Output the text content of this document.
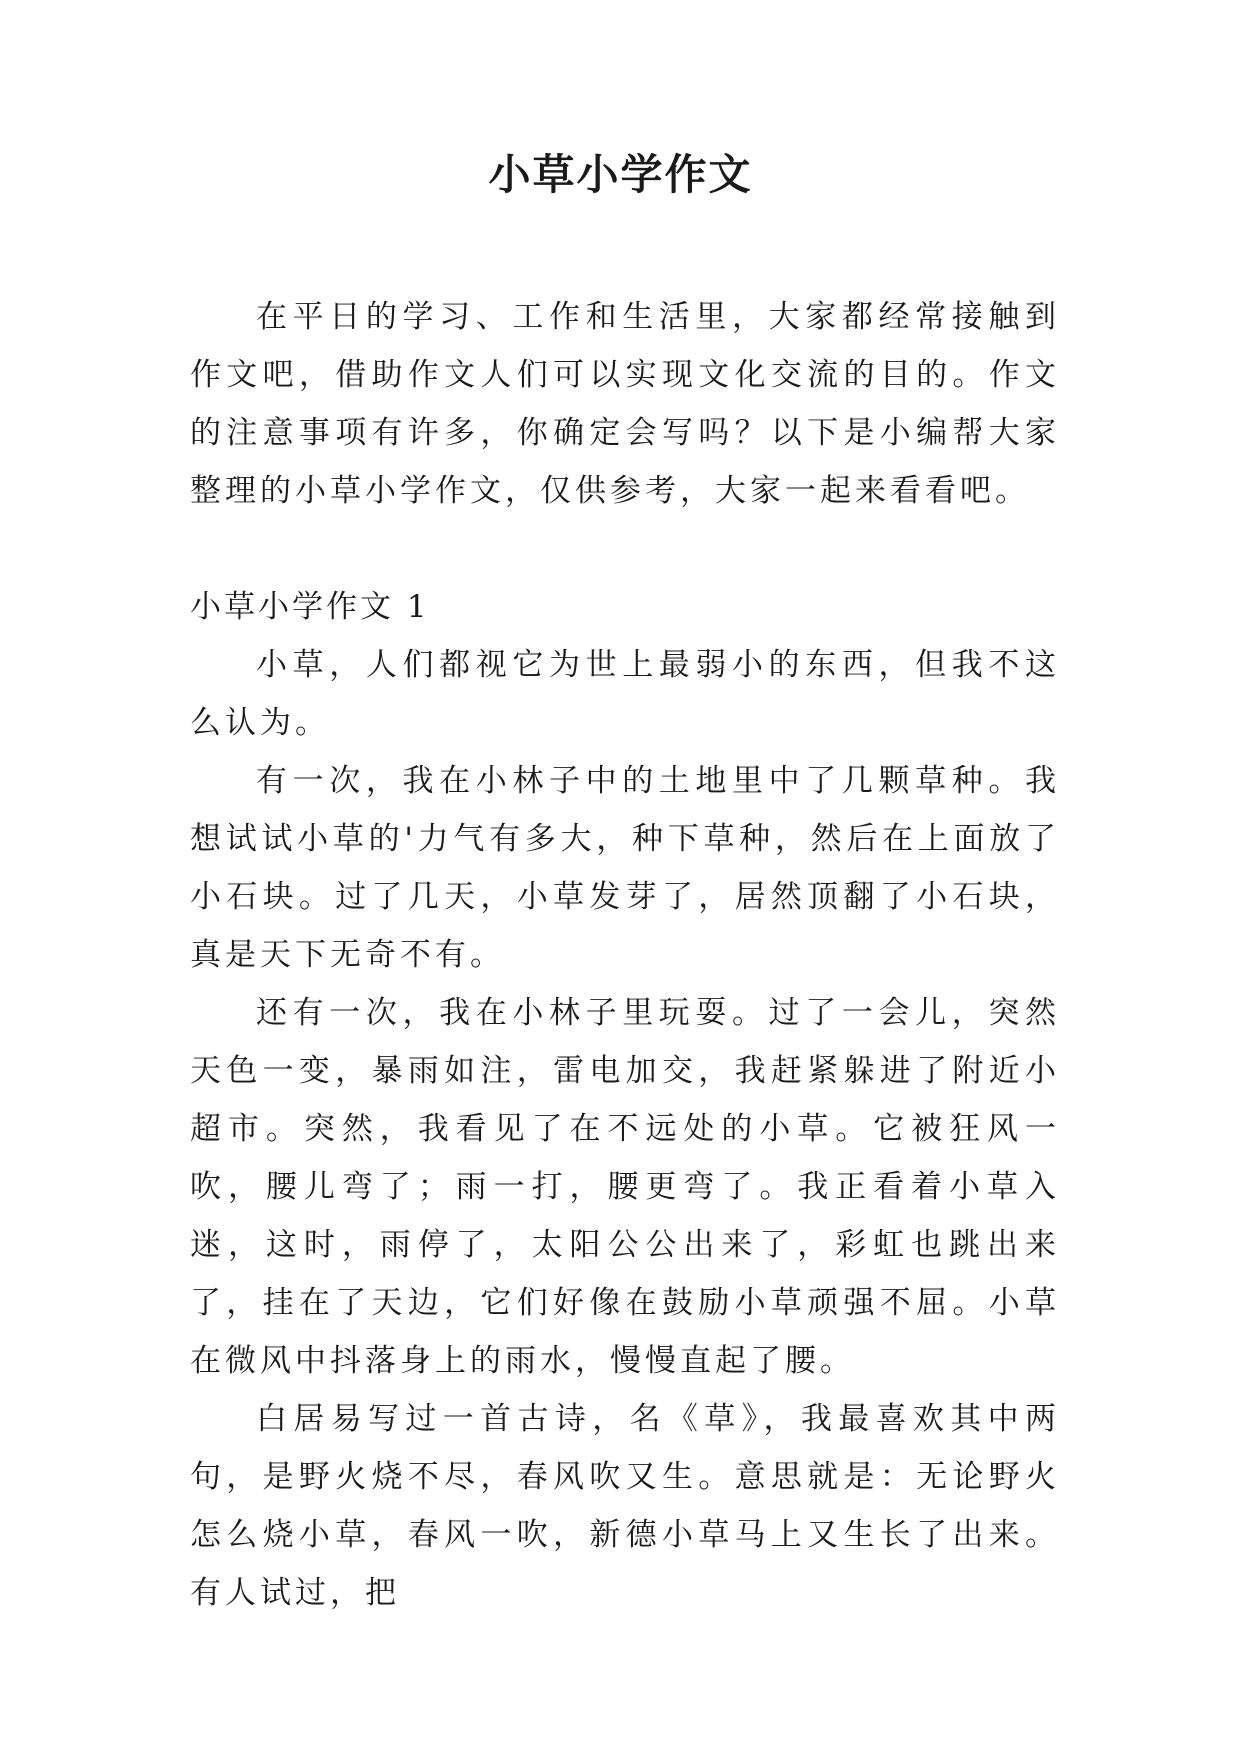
小草小学作文

在平日的学习、工作和生活里，大家都经常接触到作文吧，借助作文人们可以实现文化交流的目的。作文的注意事项有许多，你确定会写吗？以下是小编帮大家整理的小草小学作文，仅供参考，大家一起来看看吧。

小草小学作文 1

小草，人们都视它为世上最弱小的东西，但我不这么认为。

有一次，我在小林子中的土地里中了几颗草种。我想试试小草的'力气有多大，种下草种，然后在上面放了小石块。过了几天，小草发芽了，居然顶翻了小石块，真是天下无奇不有。

还有一次，我在小林子里玩耍。过了一会儿，突然天色一变，暴雨如注，雷电加交，我赶紧躲进了附近小超市。突然，我看见了在不远处的小草。它被狂风一吹，腰儿弯了；雨一打，腰更弯了。我正看着小草入迷，这时，雨停了，太阳公公出来了，彩虹也跳出来了，挂在了天边，它们好像在鼓励小草顽强不屈。小草在微风中抖落身上的雨水，慢慢直起了腰。

白居易写过一首古诗，名《草》，我最喜欢其中两句，是野火烧不尽，春风吹又生。意思就是：无论野火怎么烧小草，春风一吹，新德小草马上又生长了出来。有人试过，把
